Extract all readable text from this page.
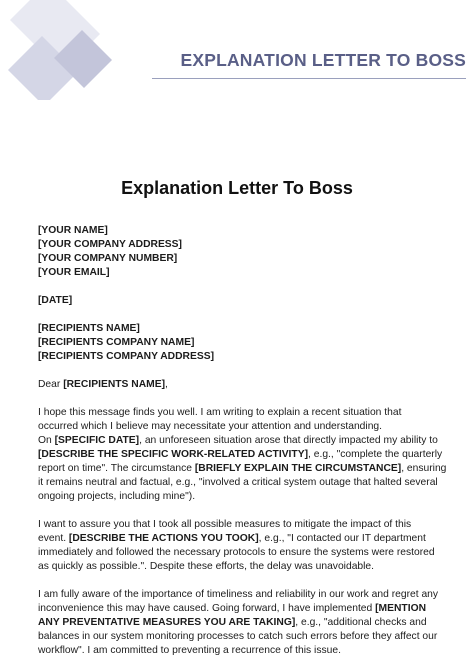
EXPLANATION LETTER TO BOSS
Explanation Letter To Boss
[YOUR NAME]
[YOUR COMPANY ADDRESS]
[YOUR COMPANY NUMBER]
[YOUR EMAIL]
[DATE]
[RECIPIENTS NAME]
[RECIPIENTS COMPANY NAME]
[RECIPIENTS COMPANY ADDRESS]
Dear [RECIPIENTS NAME],
I hope this message finds you well. I am writing to explain a recent situation that
occurred which I believe may necessitate your attention and understanding.
On [SPECIFIC DATE], an unforeseen situation arose that directly impacted my ability to
[DESCRIBE THE SPECIFIC WORK-RELATED ACTIVITY], e.g., "complete the quarterly
report on time". The circumstance [BRIEFLY EXPLAIN THE CIRCUMSTANCE], ensuring
it remains neutral and factual, e.g., "involved a critical system outage that halted several
ongoing projects, including mine").
I want to assure you that I took all possible measures to mitigate the impact of this
event. [DESCRIBE THE ACTIONS YOU TOOK], e.g., "I contacted our IT department
immediately and followed the necessary protocols to ensure the systems were restored
as quickly as possible.". Despite these efforts, the delay was unavoidable.
I am fully aware of the importance of timeliness and reliability in our work and regret any
inconvenience this may have caused. Going forward, I have implemented [MENTION
ANY PREVENTATIVE MEASURES YOU ARE TAKING], e.g., "additional checks and
balances in our system monitoring processes to catch such errors before they affect our
workflow". I am committed to preventing a recurrence of this issue.
